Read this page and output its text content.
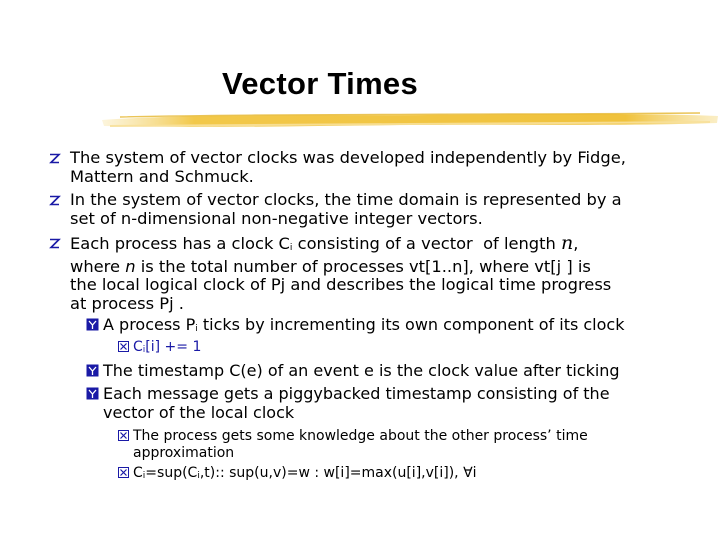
Vector Times
The system of vector clocks was developed independently by Fidge,
Mattern and Schmuck.
In the system of vector clocks, the time domain is represented by a
set of n-dimensional non-negative integer vectors.
Each process has a clock $C_i$ consisting of a vector  of length n,
where n is the total number of processes vt[1..n], where vt[j ] is
the local logical clock of Pj and describes the logical time progress
at process Pj .
A process $P_i$ ticks by incrementing its own component of its clock
$C_i[i] += 1$
The timestamp C(e) of an event e is the clock value after ticking
Each message gets a piggybacked timestamp consisting of the
vector of the local clock
The process gets some knowledge about the other process’ time
approximation
$C_i=sup(C_i,t)$:: sup(u,v)=w : w[i]=max(u[i],v[i]), ∀i
